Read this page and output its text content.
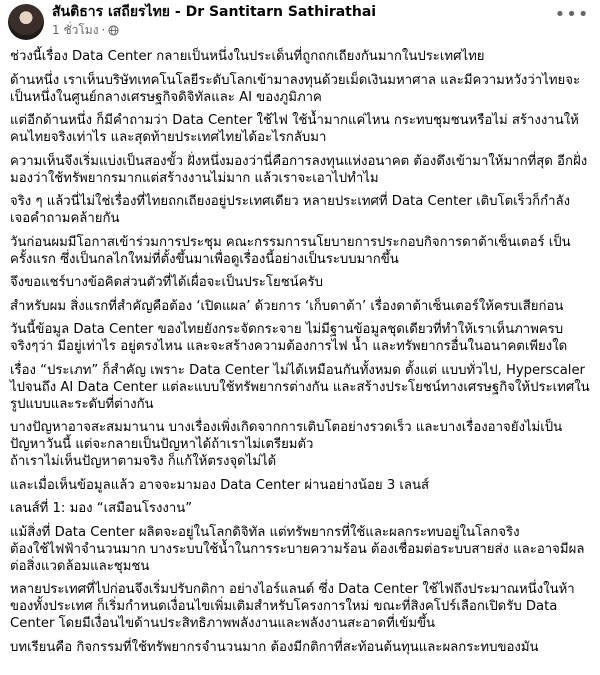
สันติธาร เสถียรไทย - Dr Santitarn Sathirathai
1 ชั่วโมง ·
•••
ช่วงนี้เรื่อง Data Center กลายเป็นหนึ่งในประเด็นที่ถูกถกเถียงกันมากในประเทศไทย
ด้านหนึ่ง เราเห็นบริษัทเทคโนโลยีระดับโลกเข้ามาลงทุนด้วยเม็ดเงินมหาศาล และมีความหวังว่าไทยจะเป็นหนึ่งในศูนย์กลางเศรษฐกิจดิจิทัลและ AI ของภูมิภาค
แต่อีกด้านหนึ่ง ก็มีคำถามว่า Data Center ใช้ไฟ ใช้น้ำมากแค่ไหน กระทบชุมชนหรือไม่ สร้างงานให้คนไทยจริงเท่าไร และสุดท้ายประเทศไทยได้อะไรกลับมา
ความเห็นจึงเริ่มแบ่งเป็นสองขั้ว ฝั่งหนึ่งมองว่านี่คือการลงทุนแห่งอนาคต ต้องดึงเข้ามาให้มากที่สุด อีกฝั่งมองว่าใช้ทรัพยากรมากแต่สร้างงานไม่มาก แล้วเราจะเอาไปทำไม
จริง ๆ แล้วนี่ไม่ใช่เรื่องที่ไทยถกเถียงอยู่ประเทศเดียว หลายประเทศที่ Data Center เติบโตเร็วก็กำลังเจอคำถามคล้ายกัน
วันก่อนผมมีโอกาสเข้าร่วมการประชุม คณะกรรมการนโยบายการประกอบกิจการดาต้าเซ็นเตอร์ เป็นครั้งแรก ซึ่งเป็นกลไกใหม่ที่ตั้งขึ้นมาเพื่อดูเรื่องนี้อย่างเป็นระบบมากขึ้น
จึงขอแชร์บางข้อคิดส่วนตัวที่ได้เผื่อจะเป็นประโยชน์ครับ
สำหรับผม สิ่งแรกที่สำคัญคือต้อง ‘เปิดแผล’ ด้วยการ ‘เก็บดาต้า’ เรื่องดาต้าเซ็นเตอร์ให้ครบเสียก่อน
วันนี้ข้อมูล Data Center ของไทยยังกระจัดกระจาย ไม่มีฐานข้อมูลชุดเดียวที่ทำให้เราเห็นภาพครบจริงๆว่า มีอยู่เท่าไร อยู่ตรงไหน และจะสร้างความต้องการไฟ น้ำ และทรัพยากรอื่นในอนาคตเพียงใด
เรื่อง “ประเภท” ก็สำคัญ เพราะ Data Center ไม่ได้เหมือนกันทั้งหมด ตั้งแต่ แบบทั่วไป, Hyperscaler ไปจนถึง AI Data Center แต่ละแบบใช้ทรัพยากรต่างกัน และสร้างประโยชน์ทางเศรษฐกิจให้ประเทศในรูปแบบและระดับที่ต่างกัน
บางปัญหาอาจสะสมมานาน บางเรื่องเพิ่งเกิดจากการเติบโตอย่างรวดเร็ว และบางเรื่องอาจยังไม่เป็นปัญหาวันนี้ แต่จะกลายเป็นปัญหาได้ถ้าเราไม่เตรียมตัว
ถ้าเราไม่เห็นปัญหาตามจริง ก็แก้ให้ตรงจุดไม่ได้
และเมื่อเห็นข้อมูลแล้ว อาจจะมามอง Data Center ผ่านอย่างน้อย 3 เลนส์
เลนส์ที่ 1: มอง “เสมือนโรงงาน”
แม้สิ่งที่ Data Center ผลิตจะอยู่ในโลกดิจิทัล แต่ทรัพยากรที่ใช้และผลกระทบอยู่ในโลกจริง
ต้องใช้ไฟฟ้าจำนวนมาก บางระบบใช้น้ำในการระบายความร้อน ต้องเชื่อมต่อระบบสายส่ง และอาจมีผลต่อสิ่งแวดล้อมและชุมชน
หลายประเทศที่ไปก่อนจึงเริ่มปรับกติกา อย่างไอร์แลนด์ ซึ่ง Data Center ใช้ไฟถึงประมาณหนึ่งในห้าของทั้งประเทศ ก็เริ่มกำหนดเงื่อนไขเพิ่มเติมสำหรับโครงการใหม่ ขณะที่สิงคโปร์เลือกเปิดรับ Data Center โดยมีเงื่อนไขด้านประสิทธิภาพพลังงานและพลังงานสะอาดที่เข้มขึ้น
บทเรียนคือ กิจกรรมที่ใช้ทรัพยากรจำนวนมาก ต้องมีกติกาที่สะท้อนต้นทุนและผลกระทบของมัน
